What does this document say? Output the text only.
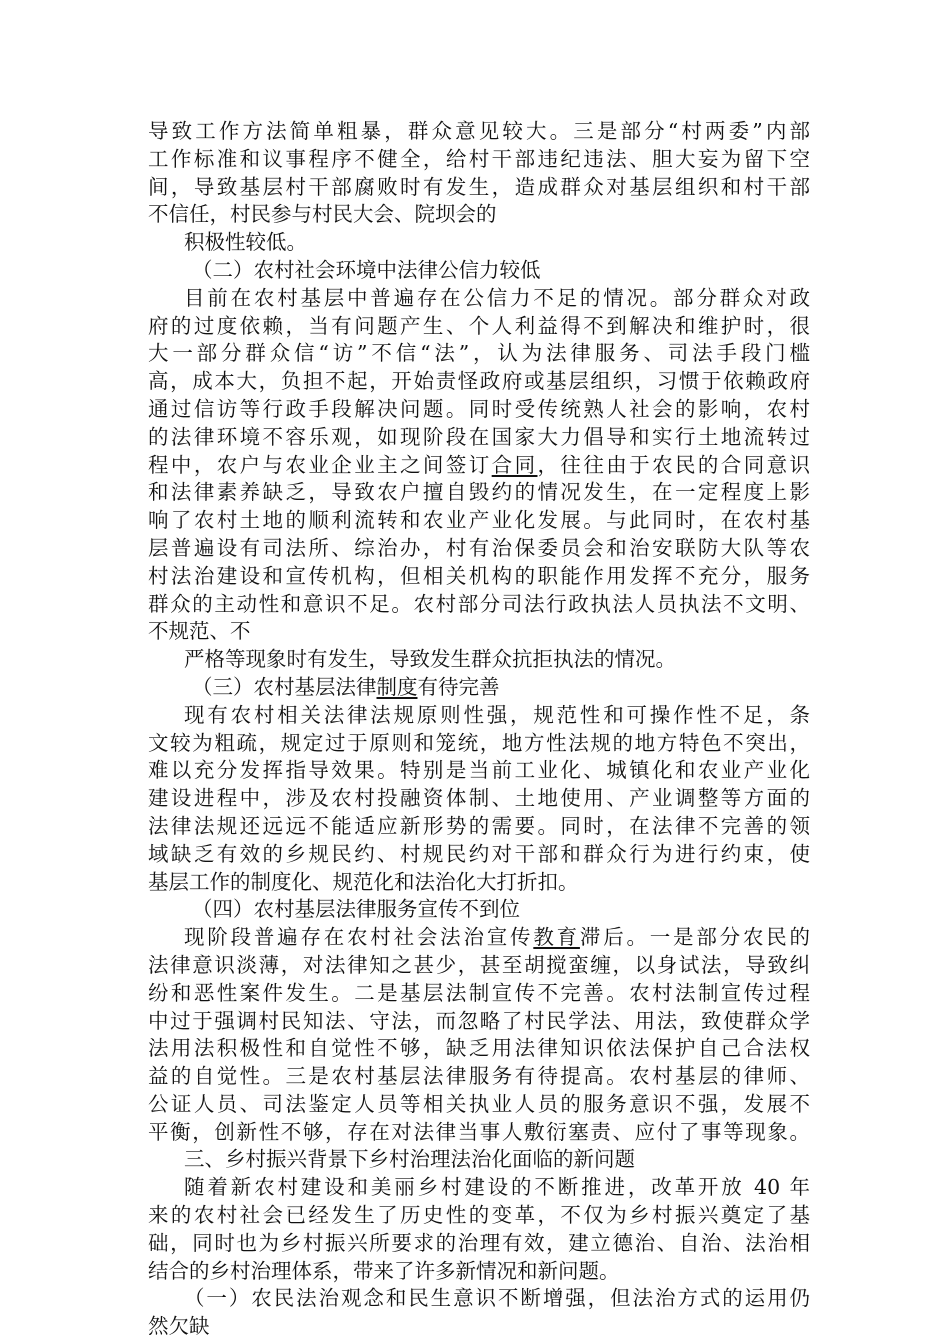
导致工作方法简单粗暴，群众意见较大。三是部分“村两委”内部
工作标准和议事程序不健全，给村干部违纪违法、胆大妄为留下空
间，导致基层村干部腐败时有发生，造成群众对基层组织和村干部
不信任，村民参与村民大会、院坝会的
积极性较低。
（二）农村社会环境中法律公信力较低
目前在农村基层中普遍存在公信力不足的情况。部分群众对政
府的过度依赖，当有问题产生、个人利益得不到解决和维护时，很
大一部分群众信“访”不信“法”，认为法律服务、司法手段门槛
高，成本大，负担不起，开始责怪政府或基层组织，习惯于依赖政府
通过信访等行政手段解决问题。同时受传统熟人社会的影响，农村
的法律环境不容乐观，如现阶段在国家大力倡导和实行土地流转过
程中，农户与农业企业主之间签订合同，往往由于农民的合同意识
和法律素养缺乏，导致农户擅自毁约的情况发生，在一定程度上影
响了农村土地的顺利流转和农业产业化发展。与此同时，在农村基
层普遍设有司法所、综治办，村有治保委员会和治安联防大队等农
村法治建设和宣传机构，但相关机构的职能作用发挥不充分，服务
群众的主动性和意识不足。农村部分司法行政执法人员执法不文明、
不规范、不
严格等现象时有发生，导致发生群众抗拒执法的情况。
（三）农村基层法律制度有待完善
现有农村相关法律法规原则性强，规范性和可操作性不足，条
文较为粗疏，规定过于原则和笼统，地方性法规的地方特色不突出，
难以充分发挥指导效果。特别是当前工业化、城镇化和农业产业化
建设进程中，涉及农村投融资体制、土地使用、产业调整等方面的
法律法规还远远不能适应新形势的需要。同时，在法律不完善的领
域缺乏有效的乡规民约、村规民约对干部和群众行为进行约束，使
基层工作的制度化、规范化和法治化大打折扣。
（四）农村基层法律服务宣传不到位
现阶段普遍存在农村社会法治宣传教育滞后。一是部分农民的
法律意识淡薄，对法律知之甚少，甚至胡搅蛮缠，以身试法，导致纠
纷和恶性案件发生。二是基层法制宣传不完善。农村法制宣传过程
中过于强调村民知法、守法，而忽略了村民学法、用法，致使群众学
法用法积极性和自觉性不够，缺乏用法律知识依法保护自己合法权
益的自觉性。三是农村基层法律服务有待提高。农村基层的律师、
公证人员、司法鉴定人员等相关执业人员的服务意识不强，发展不
平衡，创新性不够，存在对法律当事人敷衍塞责、应付了事等现象。
三、乡村振兴背景下乡村治理法治化面临的新问题
随着新农村建设和美丽乡村建设的不断推进，改革开放 40 年
来的农村社会已经发生了历史性的变革，不仅为乡村振兴奠定了基
础，同时也为乡村振兴所要求的治理有效，建立德治、自治、法治相
结合的乡村治理体系，带来了许多新情况和新问题。
（一）农民法治观念和民生意识不断增强，但法治方式的运用仍
然欠缺
